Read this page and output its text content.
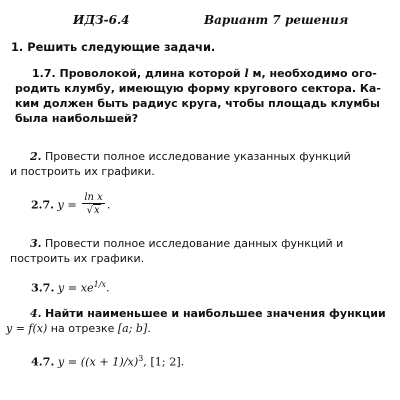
ИДЗ-6.4	Вариант 7 решения
1. Решить следующие задачи.
1.7. Проволокой, длина которой l м, необходимо ого-
родить клумбу, имеющую форму кругового сектора. Ка-
ким должен быть радиус круга, чтобы площадь клумбы
была наибольшей?
2. Провести полное исследование указанных функций
и построить их графики.
2.7. $y = \frac{\text{ln x}}{√x}$ .
3. Провести полное исследование данных функций и
построить их графики.
3.7. $y = xe^{1/x}$.
4. Найти наименьшее и наибольшее значения функции
y = f(x) на отрезке [a; b].
4.7. $y = ((x + 1)/x)^3$, [1; 2].
